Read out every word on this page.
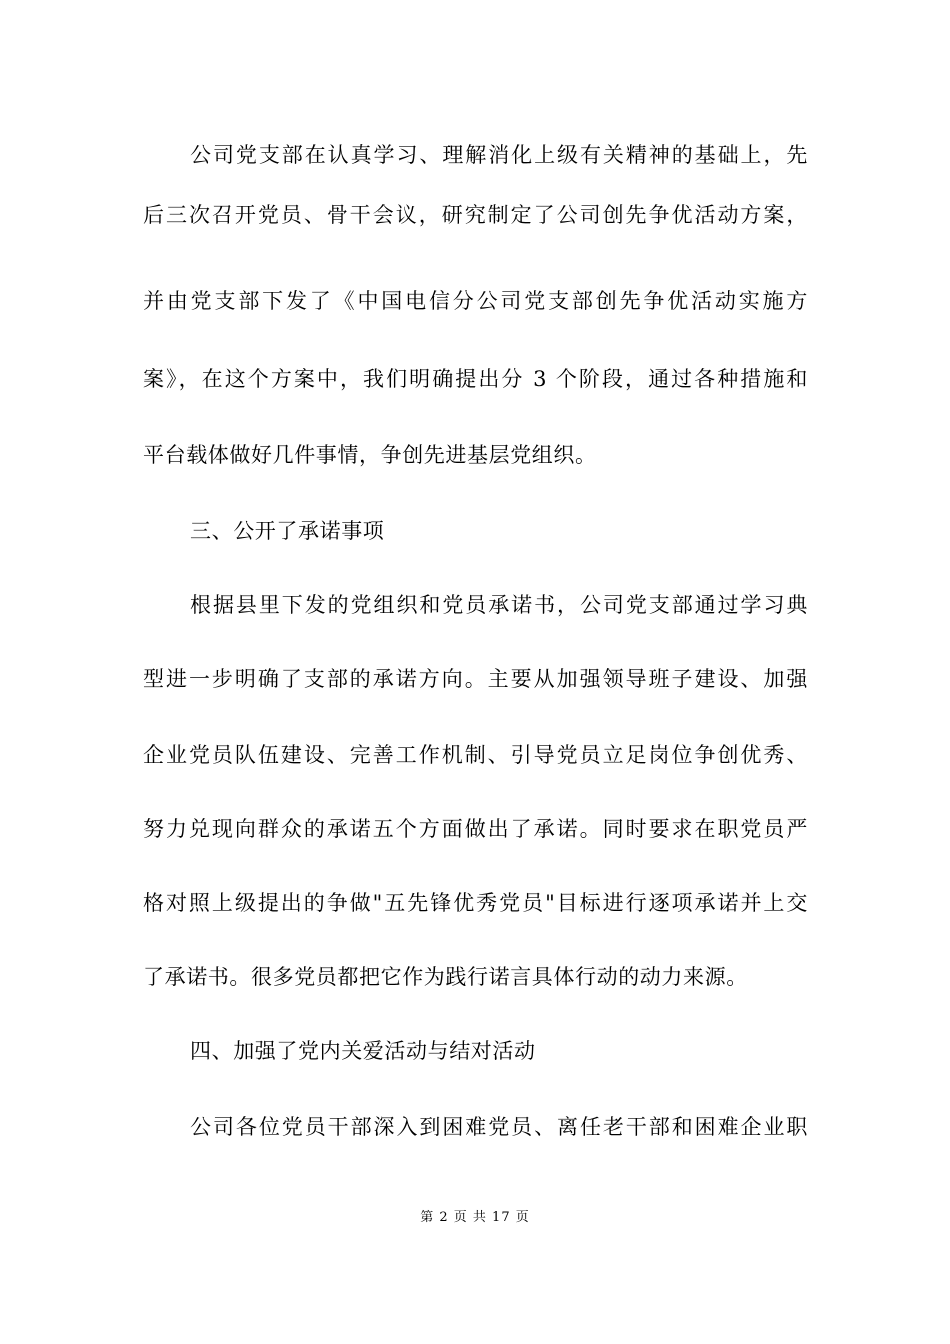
公司党支部在认真学习、理解消化上级有关精神的基础上，先
后三次召开党员、骨干会议，研究制定了公司创先争优活动方案，
并由党支部下发了《中国电信分公司党支部创先争优活动实施方
案》，在这个方案中，我们明确提出分 3 个阶段，通过各种措施和
平台载体做好几件事情，争创先进基层党组织。
三、公开了承诺事项
根据县里下发的党组织和党员承诺书，公司党支部通过学习典
型进一步明确了支部的承诺方向。主要从加强领导班子建设、加强
企业党员队伍建设、完善工作机制、引导党员立足岗位争创优秀、
努力兑现向群众的承诺五个方面做出了承诺。同时要求在职党员严
格对照上级提出的争做"五先锋优秀党员"目标进行逐项承诺并上交
了承诺书。很多党员都把它作为践行诺言具体行动的动力来源。
四、加强了党内关爱活动与结对活动
公司各位党员干部深入到困难党员、离任老干部和困难企业职
第 2 页 共 17 页
